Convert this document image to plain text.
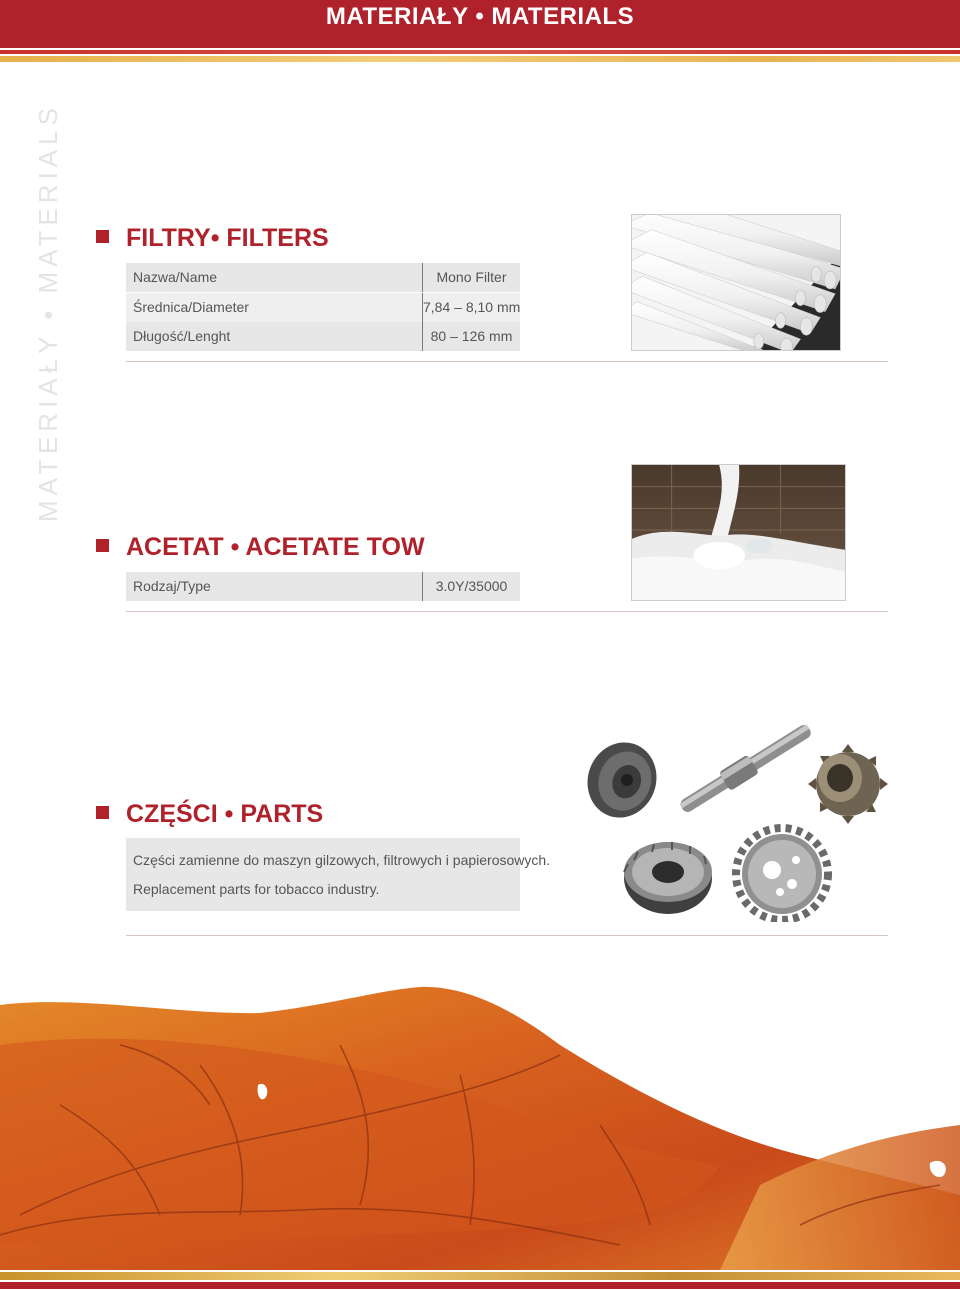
MATERIAŁY • MATERIALS
MATERIAŁY • MATERIALS	FILTRY• FILTERS
Nazwa/Name	Mono Filter
Średnica/Diameter	7,84 – 8,10 mm
Długość/Lenght	80 – 126 mm
ACETAT • ACETATE TOW
Rodzaj/Type	3.0Y/35000
CZĘŚCI • PARTS
Części zamienne do maszyn gilzowych, filtrowych i papierosowych.
Replacement parts for tobacco industry.
